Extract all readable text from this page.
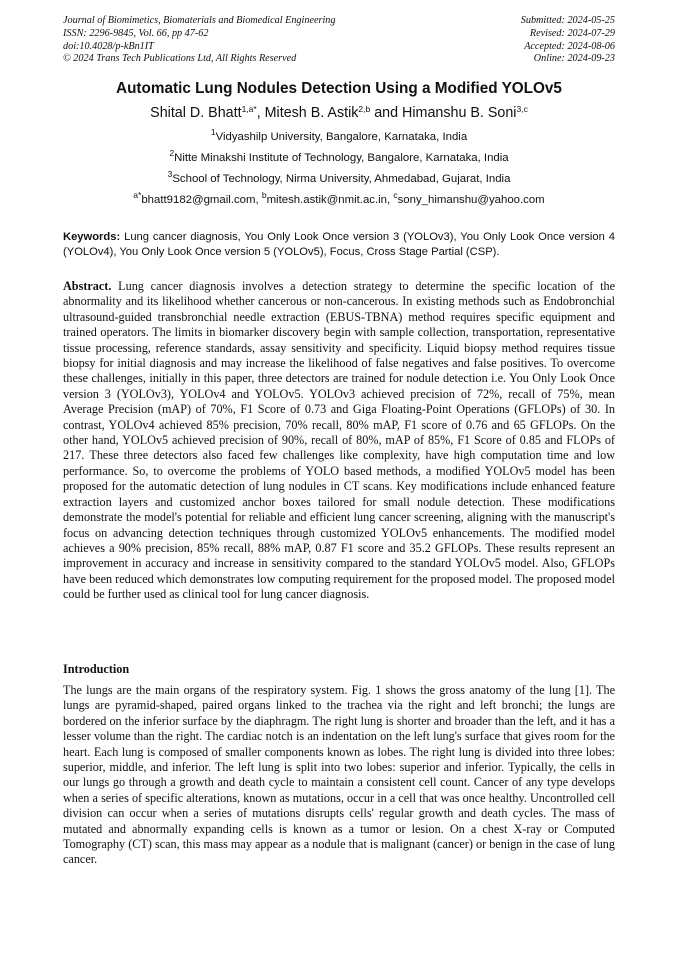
Journal of Biomimetics, Biomaterials and Biomedical Engineering
ISSN: 2296-9845, Vol. 66, pp 47-62
doi:10.4028/p-kBn1IT
© 2024 Trans Tech Publications Ltd, All Rights Reserved
Submitted: 2024-05-25
Revised: 2024-07-29
Accepted: 2024-08-06
Online: 2024-09-23
Automatic Lung Nodules Detection Using a Modified YOLOv5
Shital D. Bhatt$^{1,a*}$, Mitesh B. Astik$^{2,b}$ and Himanshu B. Soni$^{3,c}$
$^1$Vidyashilp University, Bangalore, Karnataka, India
$^2$Nitte Minakshi Institute of Technology, Bangalore, Karnataka, India
$^3$School of Technology, Nirma University, Ahmedabad, Gujarat, India
$^{a*}$bhatt9182@gmail.com, $^b$mitesh.astik@nmit.ac.in, $^c$sony_himanshu@yahoo.com
Keywords: Lung cancer diagnosis, You Only Look Once version 3 (YOLOv3), You Only Look Once version 4 (YOLOv4), You Only Look Once version 5 (YOLOv5), Focus, Cross Stage Partial (CSP).
Abstract. Lung cancer diagnosis involves a detection strategy to determine the specific location of the abnormality and its likelihood whether cancerous or non-cancerous. In existing methods such as Endobronchial ultrasound-guided transbronchial needle extraction (EBUS-TBNA) method requires specific equipment and trained operators. The limits in biomarker discovery begin with sample collection, transportation, representative tissue processing, reference standards, assay sensitivity and specificity. Liquid biopsy method requires tissue biopsy for initial diagnosis and may increase the likelihood of false negatives and false positives. To overcome these challenges, initially in this paper, three detectors are trained for nodule detection i.e. You Only Look Once version 3 (YOLOv3), YOLOv4 and YOLOv5. YOLOv3 achieved precision of 72%, recall of 75%, mean Average Precision (mAP) of 70%, F1 Score of 0.73 and Giga Floating-Point Operations (GFLOPs) of 30. In contrast, YOLOv4 achieved 85% precision, 70% recall, 80% mAP, F1 score of 0.76 and 65 GFLOPs. On the other hand, YOLOv5 achieved precision of 90%, recall of 80%, mAP of 85%, F1 Score of 0.85 and FLOPs of 217. These three detectors also faced few challenges like complexity, have high computation time and low performance. So, to overcome the problems of YOLO based methods, a modified YOLOv5 model has been proposed for the automatic detection of lung nodules in CT scans. Key modifications include enhanced feature extraction layers and customized anchor boxes tailored for small nodule detection. These modifications demonstrate the model's potential for reliable and efficient lung cancer screening, aligning with the manuscript's focus on advancing detection techniques through customized YOLOv5 enhancements. The modified model achieves a 90% precision, 85% recall, 88% mAP, 0.87 F1 score and 35.2 GFLOPs. These results represent an improvement in accuracy and increase in sensitivity compared to the standard YOLOv5 model. Also, GFLOPs have been reduced which demonstrates low computing requirement for the proposed model. The proposed model could be further used as clinical tool for lung cancer diagnosis.
Introduction
The lungs are the main organs of the respiratory system. Fig. 1 shows the gross anatomy of the lung [1]. The lungs are pyramid-shaped, paired organs linked to the trachea via the right and left bronchi; the lungs are bordered on the inferior surface by the diaphragm. The right lung is shorter and broader than the left, and it has a lesser volume than the right. The cardiac notch is an indentation on the left lung's surface that gives room for the heart. Each lung is composed of smaller components known as lobes. The right lung is divided into three lobes: superior, middle, and inferior. The left lung is split into two lobes: superior and inferior. Typically, the cells in our lungs go through a growth and death cycle to maintain a consistent cell count. Cancer of any type develops when a series of specific alterations, known as mutations, occur in a cell that was once healthy. Uncontrolled cell division can occur when a series of mutations disrupts cells' regular growth and death cycles. The mass of mutated and abnormally expanding cells is known as a tumor or lesion. On a chest X-ray or Computed Tomography (CT) scan, this mass may appear as a nodule that is malignant (cancer) or benign in the case of lung cancer.
